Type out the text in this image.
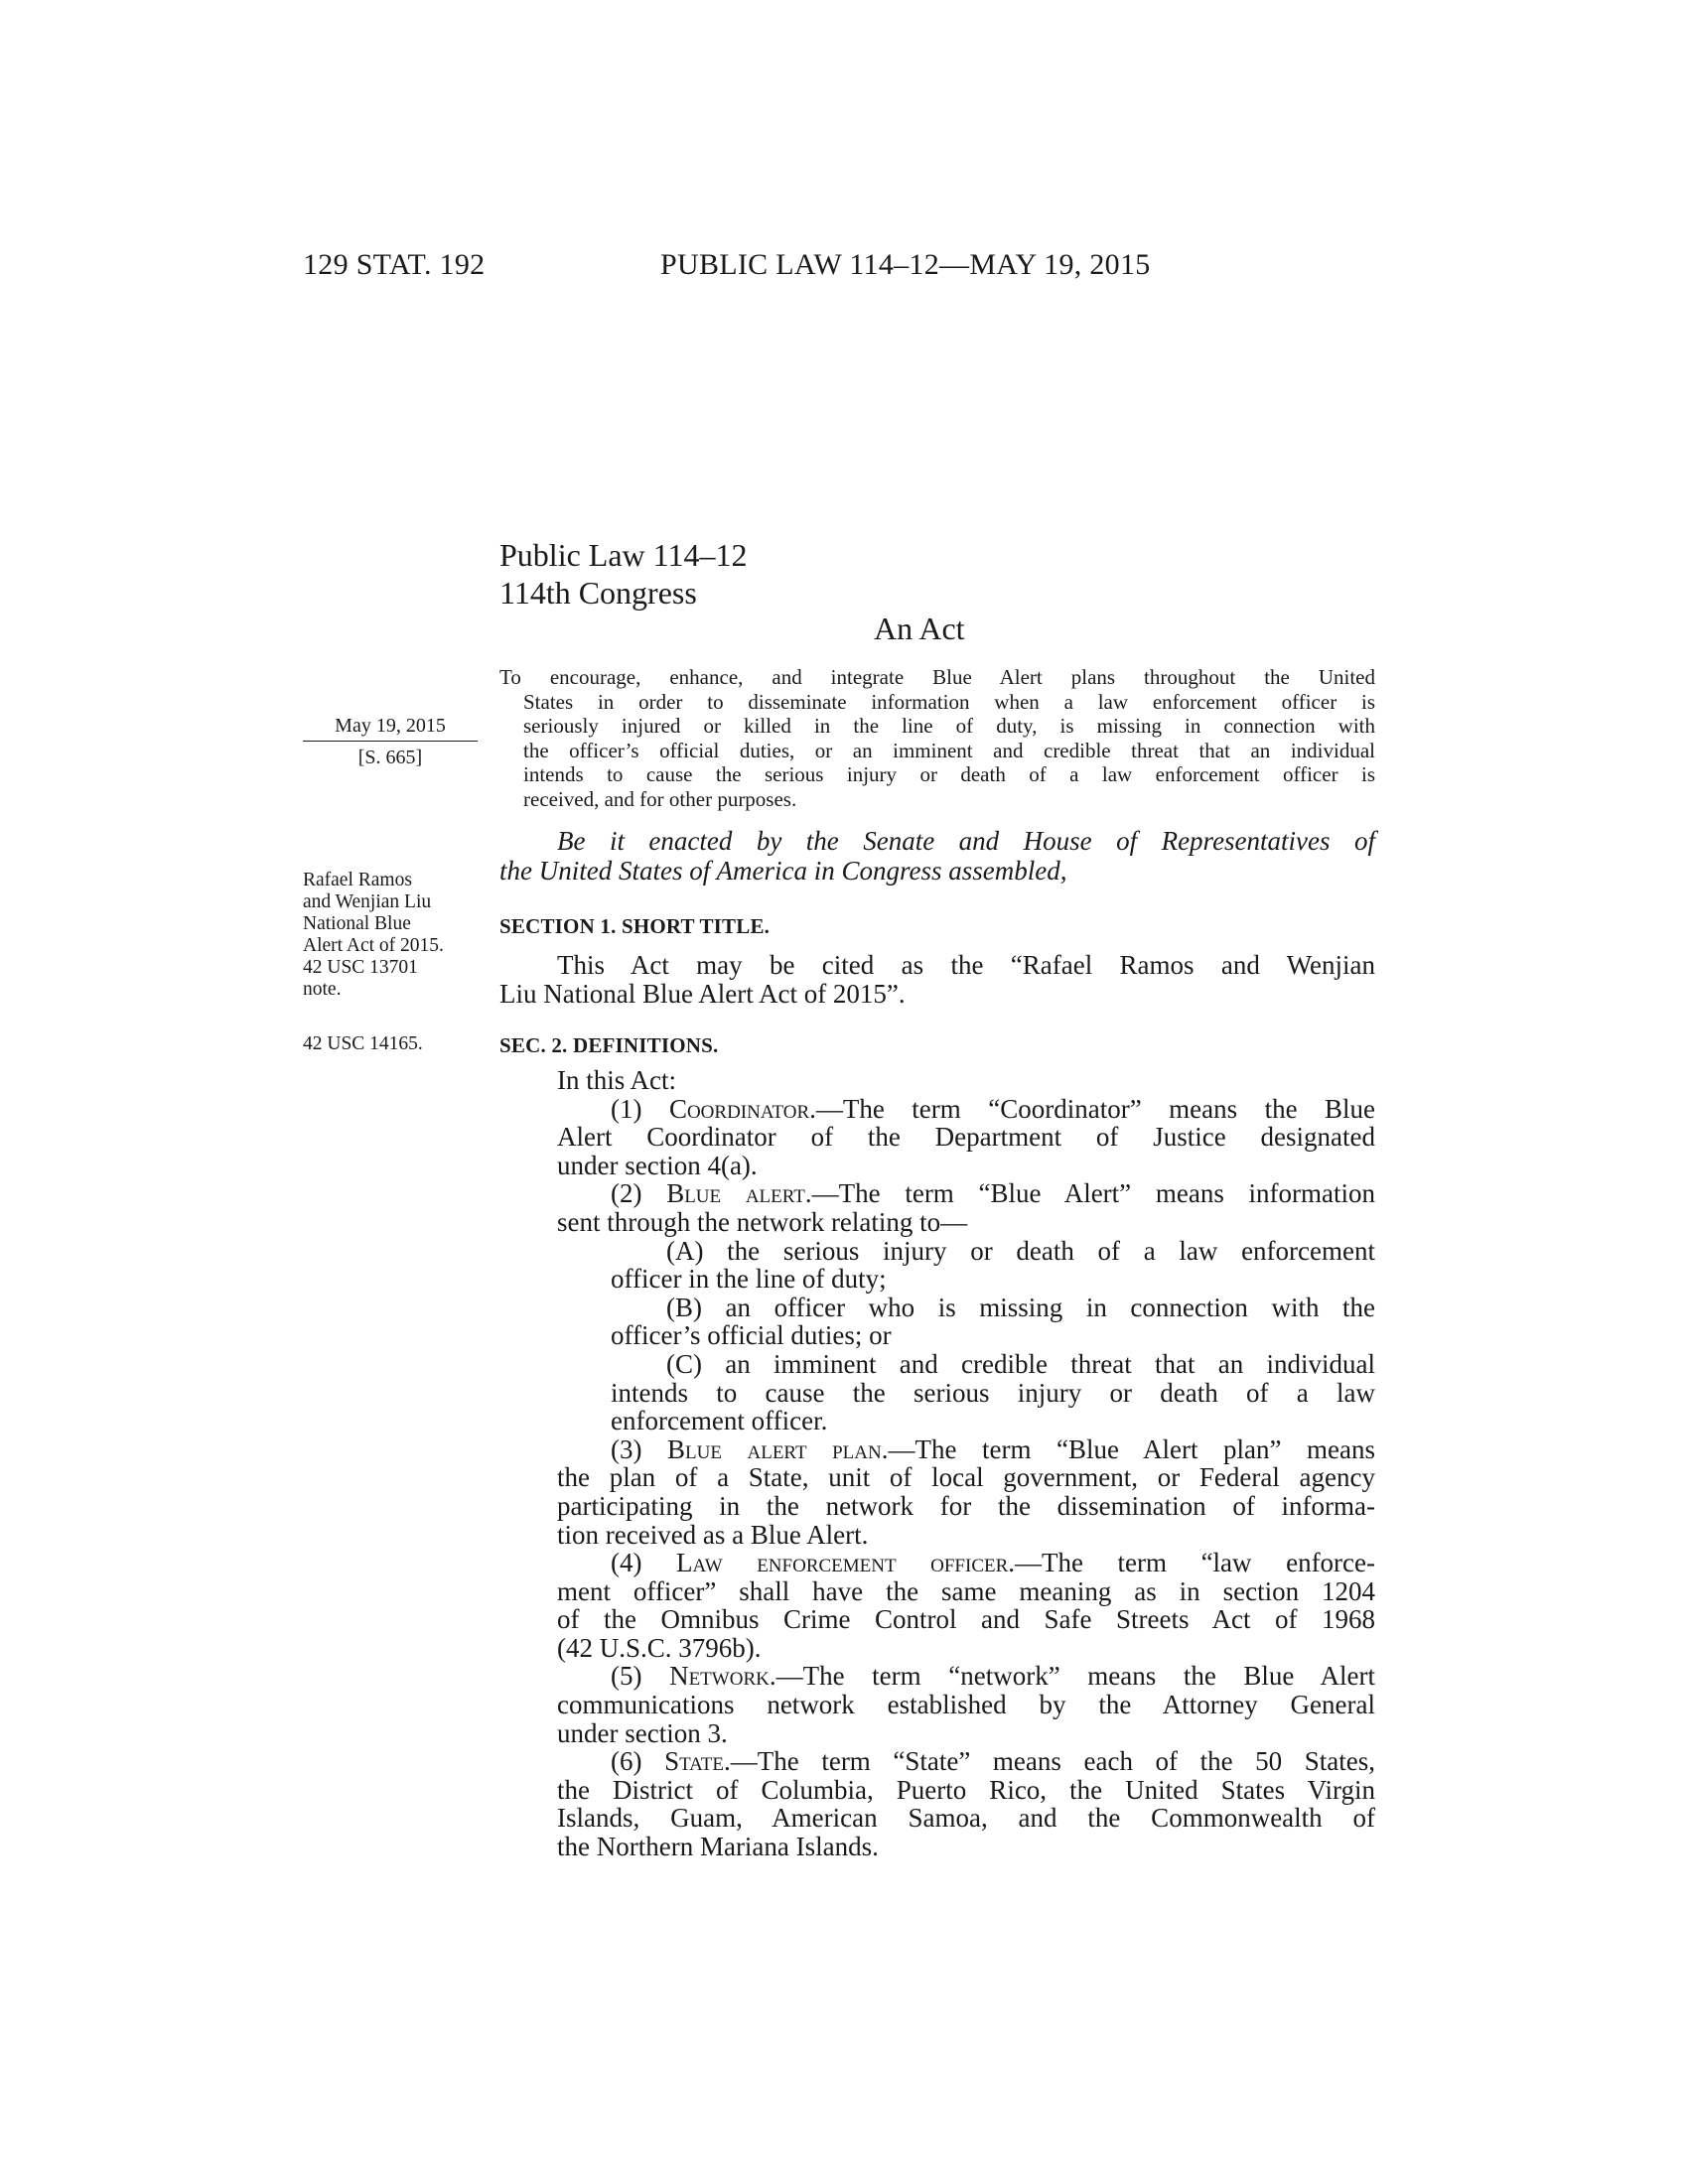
129 STAT. 192	PUBLIC LAW 114–12—MAY 19, 2015
Public Law 114–12
114th Congress
An Act
To encourage, enhance, and integrate Blue Alert plans throughout the United
States in order to disseminate information when a law enforcement officer is
seriously injured or killed in the line of duty, is missing in connection with
the officer’s official duties, or an imminent and credible threat that an individual
intends to cause the serious injury or death of a law enforcement officer is
received, and for other purposes.
May 19, 2015
[S. 665]
Rafael Ramos
and Wenjian Liu
National Blue
Alert Act of 2015.
42 USC 13701
note.
42 USC 14165.
Be it enacted by the Senate and House of Representatives of
the United States of America in Congress assembled,
SECTION 1. SHORT TITLE.
This Act may be cited as the “Rafael Ramos and Wenjian
Liu National Blue Alert Act of 2015”.
SEC. 2. DEFINITIONS.
In this Act:
(1) Coordinator.—The term “Coordinator” means the Blue
Alert Coordinator of the Department of Justice designated
under section 4(a).
(2) Blue alert.—The term “Blue Alert” means information
sent through the network relating to—
(A) the serious injury or death of a law enforcement
officer in the line of duty;
(B) an officer who is missing in connection with the
officer’s official duties; or
(C) an imminent and credible threat that an individual
intends to cause the serious injury or death of a law
enforcement officer.
(3) Blue alert plan.—The term “Blue Alert plan” means
the plan of a State, unit of local government, or Federal agency
participating in the network for the dissemination of informa-
tion received as a Blue Alert.
(4) Law enforcement officer.—The term “law enforce-
ment officer” shall have the same meaning as in section 1204
of the Omnibus Crime Control and Safe Streets Act of 1968
(42 U.S.C. 3796b).
(5) Network.—The term “network” means the Blue Alert
communications network established by the Attorney General
under section 3.
(6) State.—The term “State” means each of the 50 States,
the District of Columbia, Puerto Rico, the United States Virgin
Islands, Guam, American Samoa, and the Commonwealth of
the Northern Mariana Islands.
